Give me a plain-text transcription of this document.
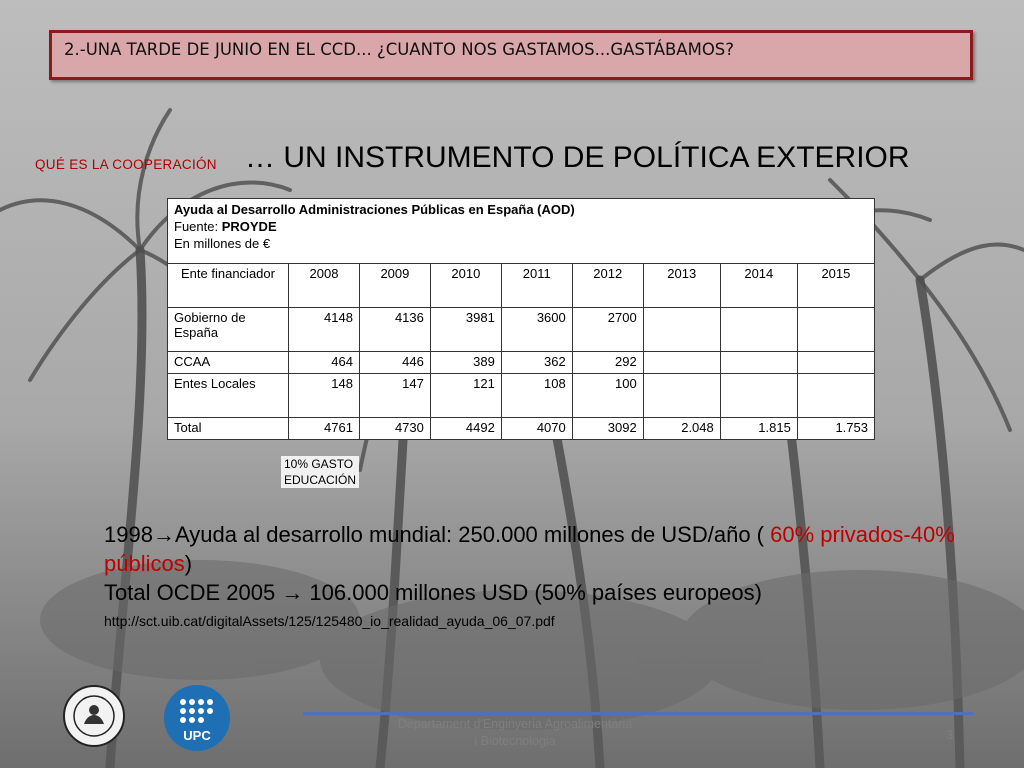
2.-UNA TARDE DE JUNIO EN EL CCD... ¿CUANTO NOS GASTAMOS...GASTÁBAMOS?
QUÉ ES LA COOPERACIÓN … UN INSTRUMENTO DE POLÍTICA EXTERIOR
Ayuda al Desarrollo Administraciones Públicas en España (AOD)
Fuente: PROYDE
En millones de €								

Ente financiador	2008	2009	2010	2011	2012	2013	2014	2015
Gobierno de España	4148	4136	3981	3600	2700			
CCAA	464	446	389	362	292			
Entes Locales	148	147	121	108	100			
Total	4761	4730	4492	4070	3092	2.048	1.815	1.753
10% GASTO
EDUCACIÓN
1998→Ayuda al desarrollo mundial: 250.000 millones de USD/año ( 60% privados-40% públicos)
Total OCDE 2005 → 106.000 millones USD (50% países europeos)
http://sct.uib.cat/digitalAssets/125/125480_io_realidad_ayuda_06_07.pdf
UPC
Departament d'Enginyeria Agroalimentària
i Biotecnologia	3
